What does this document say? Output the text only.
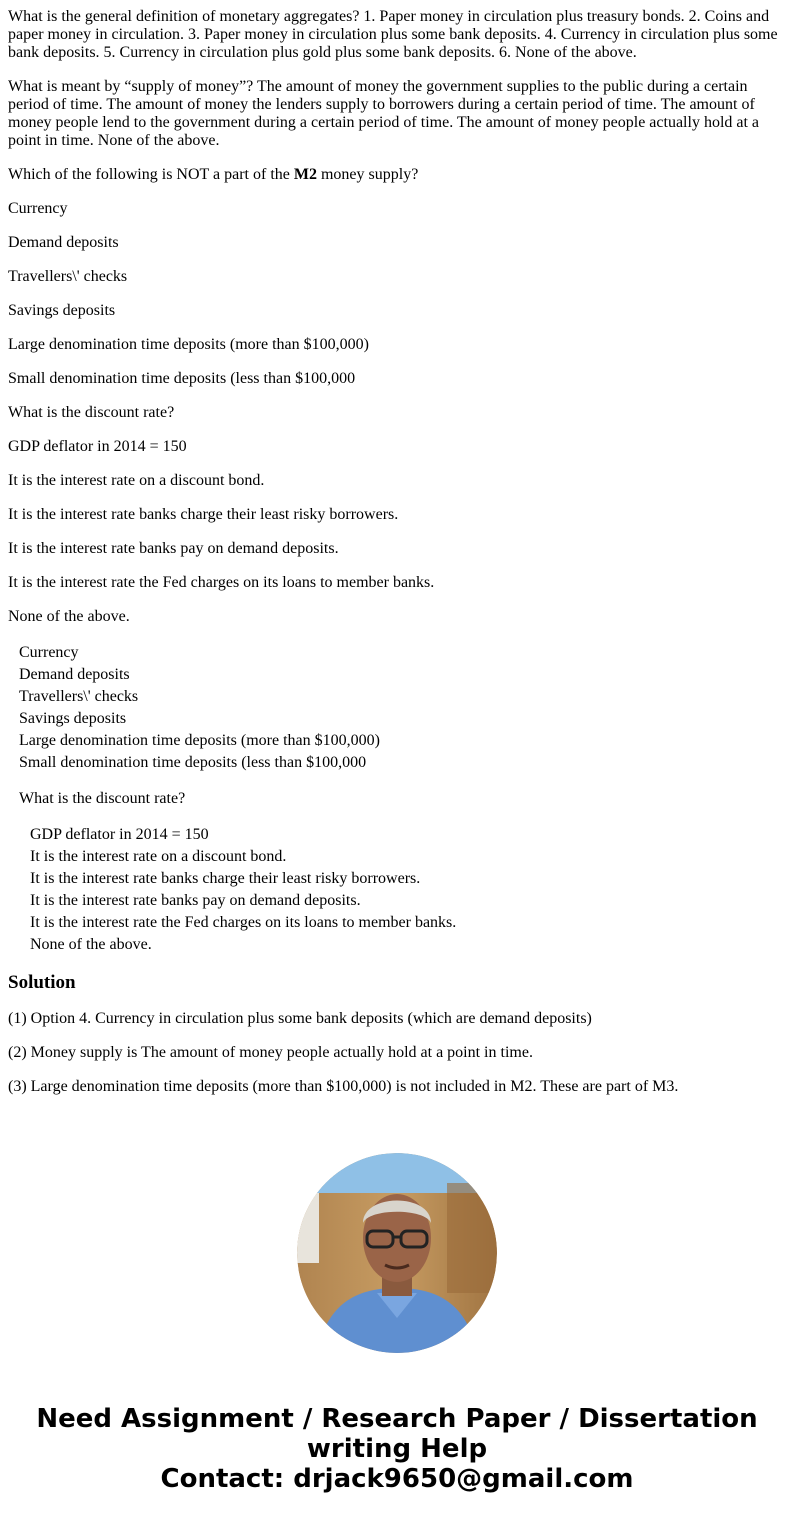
What is the general definition of monetary aggregates? 1. Paper money in circulation plus treasury bonds. 2. Coins and paper money in circulation. 3. Paper money in circulation plus some bank deposits. 4. Currency in circulation plus some bank deposits. 5. Currency in circulation plus gold plus some bank deposits. 6. None of the above.

What is meant by “supply of money”? The amount of money the government supplies to the public during a certain period of time. The amount of money the lenders supply to borrowers during a certain period of time. The amount of money people lend to the government during a certain period of time. The amount of money people actually hold at a point in time. None of the above.

Which of the following is NOT a part of the M2 money supply?

Currency

Demand deposits

Travellers\' checks

Savings deposits

Large denomination time deposits (more than $100,000)

Small denomination time deposits (less than $100,000

What is the discount rate?

GDP deflator in 2014 = 150

It is the interest rate on a discount bond.

It is the interest rate banks charge their least risky borrowers.

It is the interest rate banks pay on demand deposits.

It is the interest rate the Fed charges on its loans to member banks.

None of the above.

Currency
Demand deposits
Travellers\' checks
Savings deposits
Large denomination time deposits (more than $100,000)
Small denomination time deposits (less than $100,000

What is the discount rate?

GDP deflator in 2014 = 150
It is the interest rate on a discount bond.
It is the interest rate banks charge their least risky borrowers.
It is the interest rate banks pay on demand deposits.
It is the interest rate the Fed charges on its loans to member banks.
None of the above.
Solution

(1) Option 4. Currency in circulation plus some bank deposits (which are demand deposits)

(2) Money supply is The amount of money people actually hold at a point in time.

(3) Large denomination time deposits (more than $100,000) is not included in M2. These are part of M3.

Need Assignment / Research Paper / Dissertation
writing Help
Contact: drjack9650@gmail.com
